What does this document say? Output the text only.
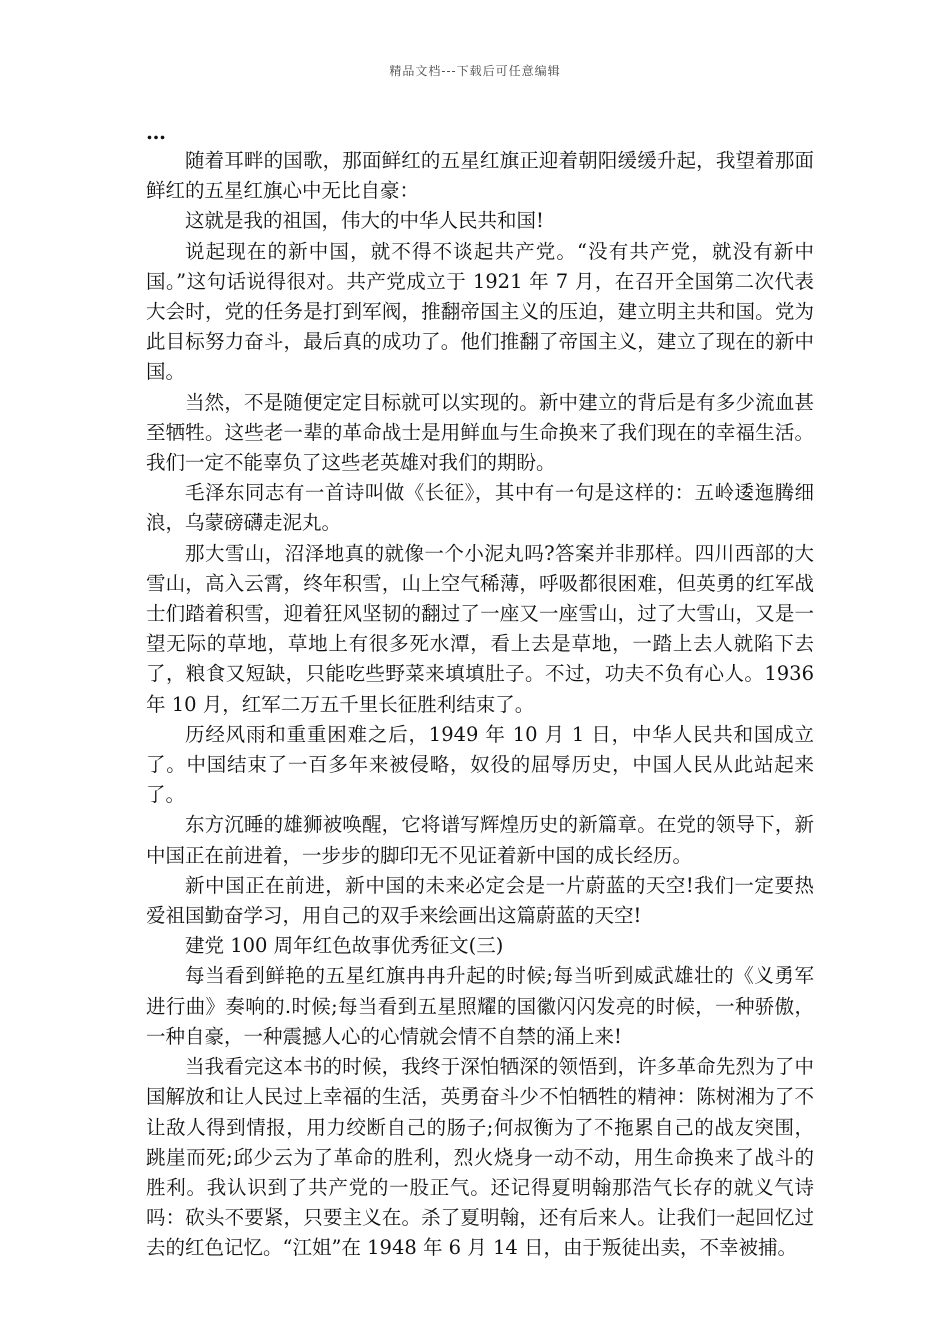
精品文档---下载后可任意编辑
…

随着耳畔的国歌，那面鲜红的五星红旗正迎着朝阳缓缓升起，我望着那面鲜红的五星红旗心中无比自豪：

这就是我的祖国，伟大的中华人民共和国!

说起现在的新中国，就不得不谈起共产党。“没有共产党，就没有新中国。”这句话说得很对。共产党成立于 1921 年 7 月，在召开全国第二次代表大会时，党的任务是打到军阀，推翻帝国主义的压迫，建立明主共和国。党为此目标努力奋斗，最后真的成功了。他们推翻了帝国主义，建立了现在的新中国。

当然，不是随便定定目标就可以实现的。新中建立的背后是有多少流血甚至牺牲。这些老一辈的革命战士是用鲜血与生命换来了我们现在的幸福生活。我们一定不能辜负了这些老英雄对我们的期盼。

毛泽东同志有一首诗叫做《长征》，其中有一句是这样的：五岭逶迤腾细浪，乌蒙磅礴走泥丸。

那大雪山，沼泽地真的就像一个小泥丸吗?答案并非那样。四川西部的大雪山，高入云霄，终年积雪，山上空气稀薄，呼吸都很困难，但英勇的红军战士们踏着积雪，迎着狂风坚韧的翻过了一座又一座雪山，过了大雪山，又是一望无际的草地，草地上有很多死水潭，看上去是草地，一踏上去人就陷下去了，粮食又短缺，只能吃些野菜来填填肚子。不过，功夫不负有心人。1936 年 10 月，红军二万五千里长征胜利结束了。

历经风雨和重重困难之后，1949 年 10 月 1 日，中华人民共和国成立了。中国结束了一百多年来被侵略，奴役的屈辱历史，中国人民从此站起来了。

东方沉睡的雄狮被唤醒，它将谱写辉煌历史的新篇章。在党的领导下，新中国正在前进着，一步步的脚印无不见证着新中国的成长经历。

新中国正在前进，新中国的未来必定会是一片蔚蓝的天空!我们一定要热爱祖国勤奋学习，用自己的双手来绘画出这篇蔚蓝的天空!

建党 100 周年红色故事优秀征文(三)

每当看到鲜艳的五星红旗冉冉升起的时候;每当听到威武雄壮的《义勇军进行曲》奏响的.时候;每当看到五星照耀的国徽闪闪发亮的时候，一种骄傲，一种自豪，一种震撼人心的心情就会情不自禁的涌上来!

当我看完这本书的时候，我终于深怕牺深的领悟到，许多革命先烈为了中国解放和让人民过上幸福的生活，英勇奋斗少不怕牺牲的精神：陈树湘为了不让敌人得到情报，用力绞断自己的肠子;何叔衡为了不拖累自己的战友突围，跳崖而死;邱少云为了革命的胜利，烈火烧身一动不动，用生命换来了战斗的胜利。我认识到了共产党的一股正气。还记得夏明翰那浩气长存的就义气诗吗：砍头不要紧，只要主义在。杀了夏明翰，还有后来人。让我们一起回忆过去的红色记忆。“江姐”在 1948 年 6 月 14 日，由于叛徒出卖，不幸被捕。
